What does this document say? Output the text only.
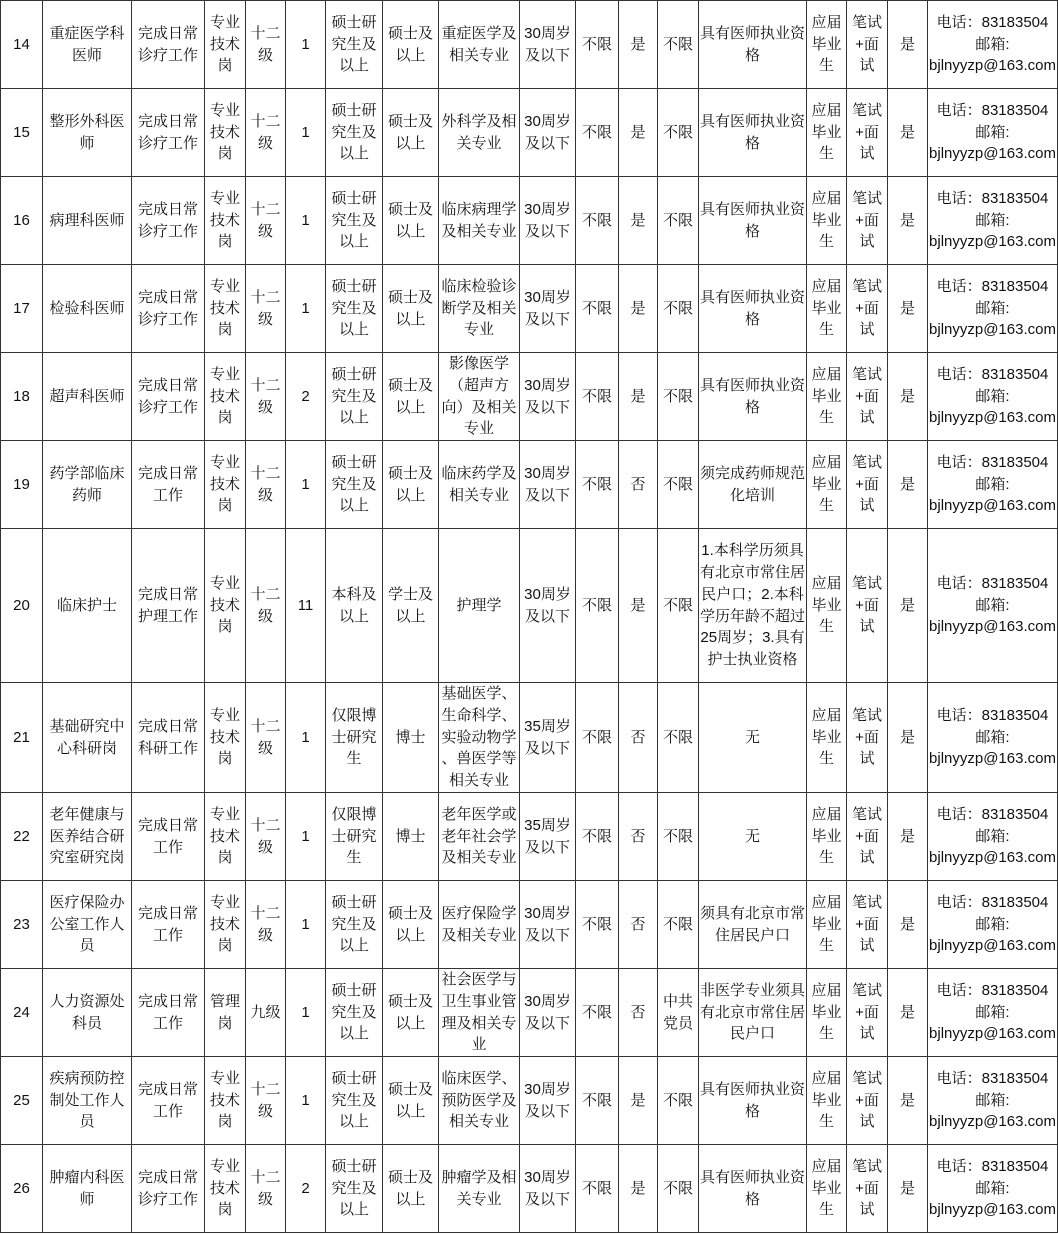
14	重症医学科医师	完成日常诊疗工作	专业技术岗	十二级	1	硕士研究生及以上	硕士及以上	重症医学及相关专业	30周岁及以下	不限	是	不限	具有医师执业资格	应届毕业生	笔试+面试	是	电话：83183504
邮箱:
bjlnyyzp@163.com

15	整形外科医师	完成日常诊疗工作	专业技术岗	十二级	1	硕士研究生及以上	硕士及以上	外科学及相关专业	30周岁及以下	不限	是	不限	具有医师执业资格	应届毕业生	笔试+面试	是	电话：83183504
邮箱:
bjlnyyzp@163.com

16	病理科医师	完成日常诊疗工作	专业技术岗	十二级	1	硕士研究生及以上	硕士及以上	临床病理学及相关专业	30周岁及以下	不限	是	不限	具有医师执业资格	应届毕业生	笔试+面试	是	电话：83183504
邮箱:
bjlnyyzp@163.com

17	检验科医师	完成日常诊疗工作	专业技术岗	十二级	1	硕士研究生及以上	硕士及以上	临床检验诊断学及相关专业	30周岁及以下	不限	是	不限	具有医师执业资格	应届毕业生	笔试+面试	是	电话：83183504
邮箱:
bjlnyyzp@163.com

18	超声科医师	完成日常诊疗工作	专业技术岗	十二级	2	硕士研究生及以上	硕士及以上	影像医学（超声方向）及相关专业	30周岁及以下	不限	是	不限	具有医师执业资格	应届毕业生	笔试+面试	是	电话：83183504
邮箱:
bjlnyyzp@163.com

19	药学部临床药师	完成日常工作	专业技术岗	十二级	1	硕士研究生及以上	硕士及以上	临床药学及相关专业	30周岁及以下	不限	否	不限	须完成药师规范化培训	应届毕业生	笔试+面试	是	电话：83183504
邮箱:
bjlnyyzp@163.com

20	临床护士	完成日常护理工作	专业技术岗	十二级	11	本科及以上	学士及以上	护理学	30周岁及以下	不限	是	不限	1.本科学历须具有北京市常住居民户口；2.本科学历年龄不超过25周岁；3.具有护士执业资格	应届毕业生	笔试+面试	是	电话：83183504
邮箱:
bjlnyyzp@163.com

21	基础研究中心科研岗	完成日常科研工作	专业技术岗	十二级	1	仅限博士研究生	博士	基础医学、生命科学、实验动物学、兽医学等相关专业	35周岁及以下	不限	否	不限	无	应届毕业生	笔试+面试	是	电话：83183504
邮箱:
bjlnyyzp@163.com

22	老年健康与医养结合研究室研究岗	完成日常工作	专业技术岗	十二级	1	仅限博士研究生	博士	老年医学或老年社会学及相关专业	35周岁及以下	不限	否	不限	无	应届毕业生	笔试+面试	是	电话：83183504
邮箱:
bjlnyyzp@163.com

23	医疗保险办公室工作人员	完成日常工作	专业技术岗	十二级	1	硕士研究生及以上	硕士及以上	医疗保险学及相关专业	30周岁及以下	不限	否	不限	须具有北京市常住居民户口	应届毕业生	笔试+面试	是	电话：83183504
邮箱:
bjlnyyzp@163.com

24	人力资源处科员	完成日常工作	管理岗	九级	1	硕士研究生及以上	硕士及以上	社会医学与卫生事业管理及相关专业	30周岁及以下	不限	否	中共党员	非医学专业须具有北京市常住居民户口	应届毕业生	笔试+面试	是	电话：83183504
邮箱:
bjlnyyzp@163.com

25	疾病预防控制处工作人员	完成日常工作	专业技术岗	十二级	1	硕士研究生及以上	硕士及以上	临床医学、预防医学及相关专业	30周岁及以下	不限	是	不限	具有医师执业资格	应届毕业生	笔试+面试	是	电话：83183504
邮箱:
bjlnyyzp@163.com

26	肿瘤内科医师	完成日常诊疗工作	专业技术岗	十二级	2	硕士研究生及以上	硕士及以上	肿瘤学及相关专业	30周岁及以下	不限	是	不限	具有医师执业资格	应届毕业生	笔试+面试	是	电话：83183504
邮箱:
bjlnyyzp@163.com
